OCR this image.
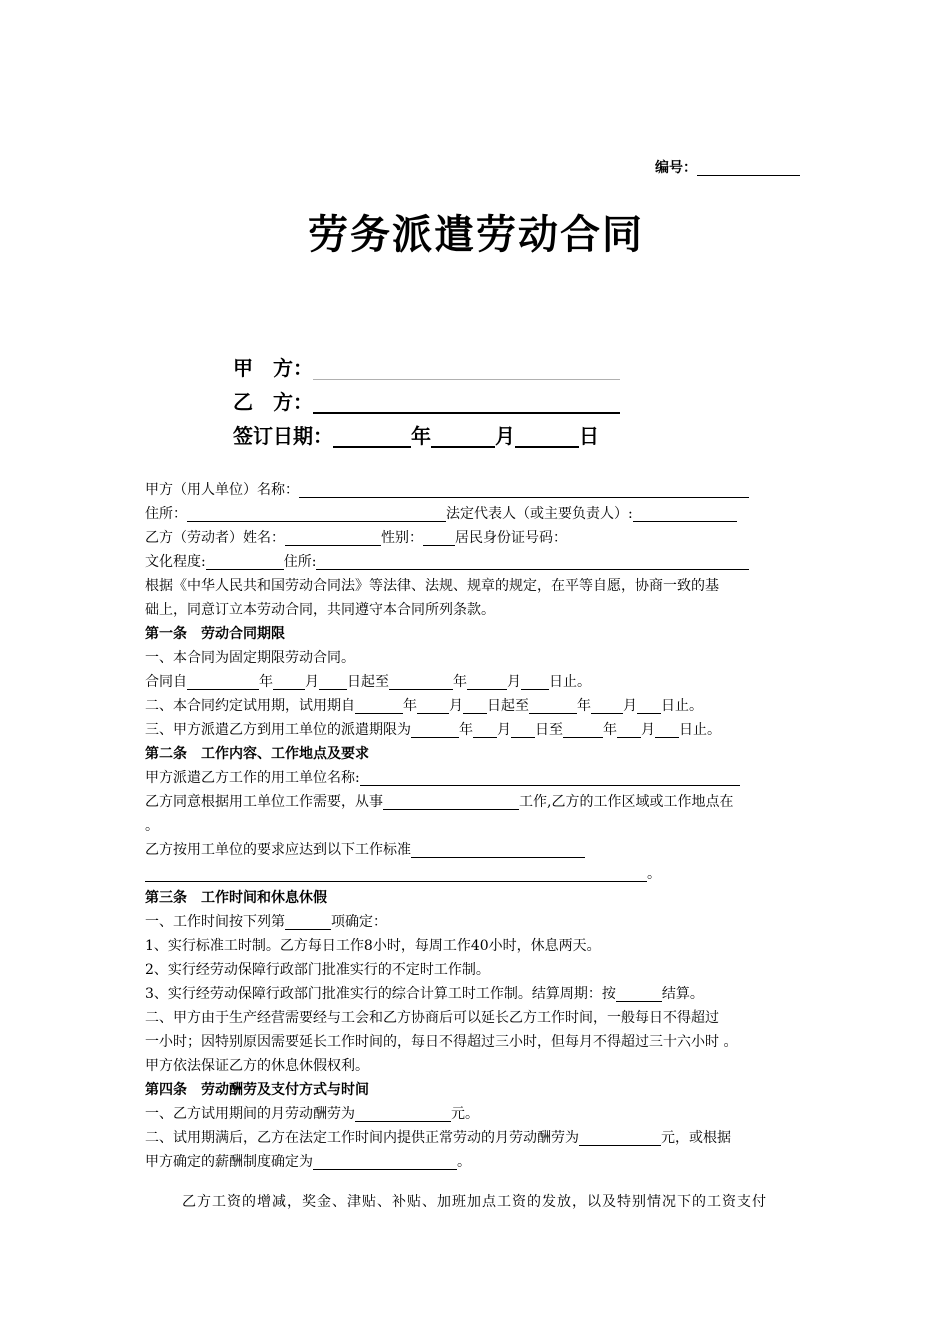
编号：
劳务派遣劳动合同
甲　方：
乙　方：
签订日期：	年	月	日
甲方（用人单位）名称：
住所：	法定代表人（或主要负责人）:
乙方（劳动者）姓名：	性别： 居民身份证号码：
文化程度:	住所:
根据《中华人民共和国劳动合同法》等法律、法规、规章的规定，在平等自愿，协商一致的基
础上，同意订立本劳动合同，共同遵守本合同所列条款。
第一条　劳动合同期限
一、本合同为固定期限劳动合同。
合同自	年 月 日起至	年	月 日止。
二、本合同约定试用期，试用期自	年 月 日起至	年 月 日止。
三、甲方派遣乙方到用工单位的派遣期限为	年 月 日至	年 月 日止。
第二条　工作内容、工作地点及要求
甲方派遣乙方工作的用工单位名称:
乙方同意根据用工单位工作需要，从事	工作,乙方的工作区域或工作地点在
。
乙方按用工单位的要求应达到以下工作标准
。
第三条　工作时间和休息休假
一、工作时间按下列第	项确定：
1、实行标准工时制。乙方每日工作8小时，每周工作40小时，休息两天。
2、实行经劳动保障行政部门批准实行的不定时工作制。
3、实行经劳动保障行政部门批准实行的综合计算工时工作制。结算周期：按	结算。
二、甲方由于生产经营需要经与工会和乙方协商后可以延长乙方工作时间，一般每日不得超过
一小时；因特别原因需要延长工作时间的，每日不得超过三小时，但每月不得超过三十六小时 。
甲方依法保证乙方的休息休假权利。
第四条　劳动酬劳及支付方式与时间
一、乙方试用期间的月劳动酬劳为	元。
二、试用期满后，乙方在法定工作时间内提供正常劳动的月劳动酬劳为	元，或根据
甲方确定的薪酬制度确定为	。
乙方工资的增减，奖金、津贴、补贴、加班加点工资的发放，以及特别情况下的工资支付
